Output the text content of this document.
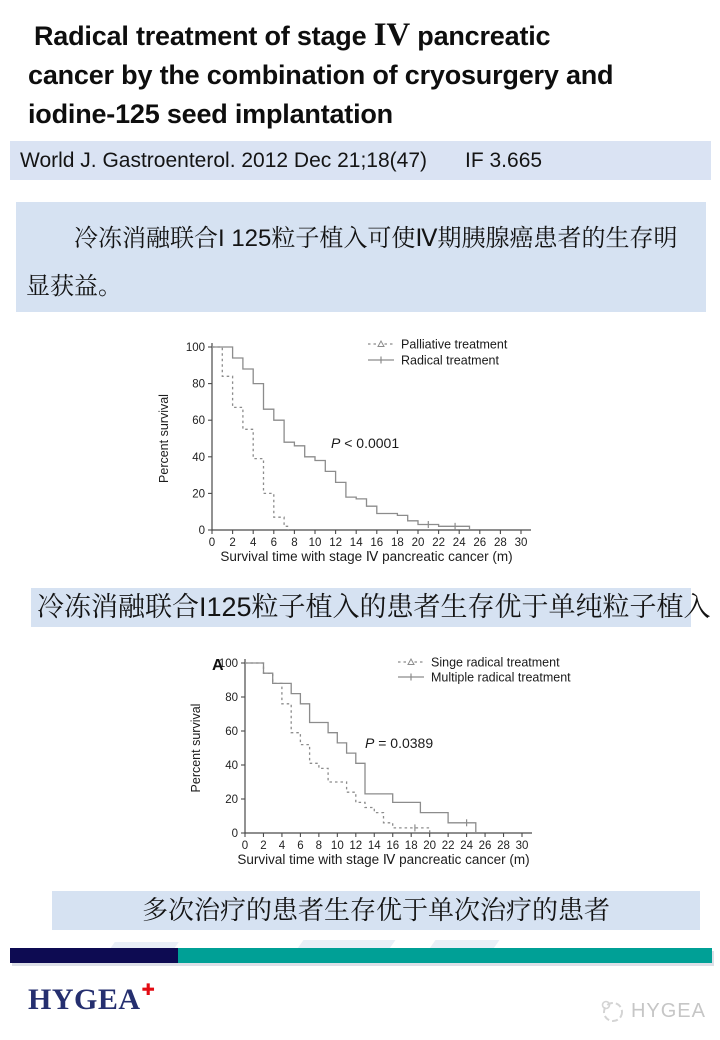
Radical treatment of stage IV pancreatic
cancer by the combination of cryosurgery and
iodine-125 seed implantation
World J. Gastroenterol. 2012 Dec 21;18(47) IF 3.665

冷冻消融联合I 125粒子植入可使Ⅳ期胰腺癌患者的生存明显获益。

0
20
40
60
80
100
0 2 4 6 8 10 12 14 16 18 20 22 24 26 28 30
Survival time with stage Ⅳ pancreatic cancer (m)
Percent survival
Palliative treatment
Radical treatment
P < 0.0001
冷冻消融联合I125粒子植入的患者生存优于单纯粒子植入
0
20
40
60
80
100
0 2 4 6 8 10 12 14 16 18 20 22 24 26 28 30
Survival time with stage Ⅳ pancreatic cancer (m)
Percent survival
A	Singe radical treatment
Multiple radical treatment
P = 0.0389
多次治疗的患者生存优于单次治疗的患者
HYGEA✚
HYGEA
